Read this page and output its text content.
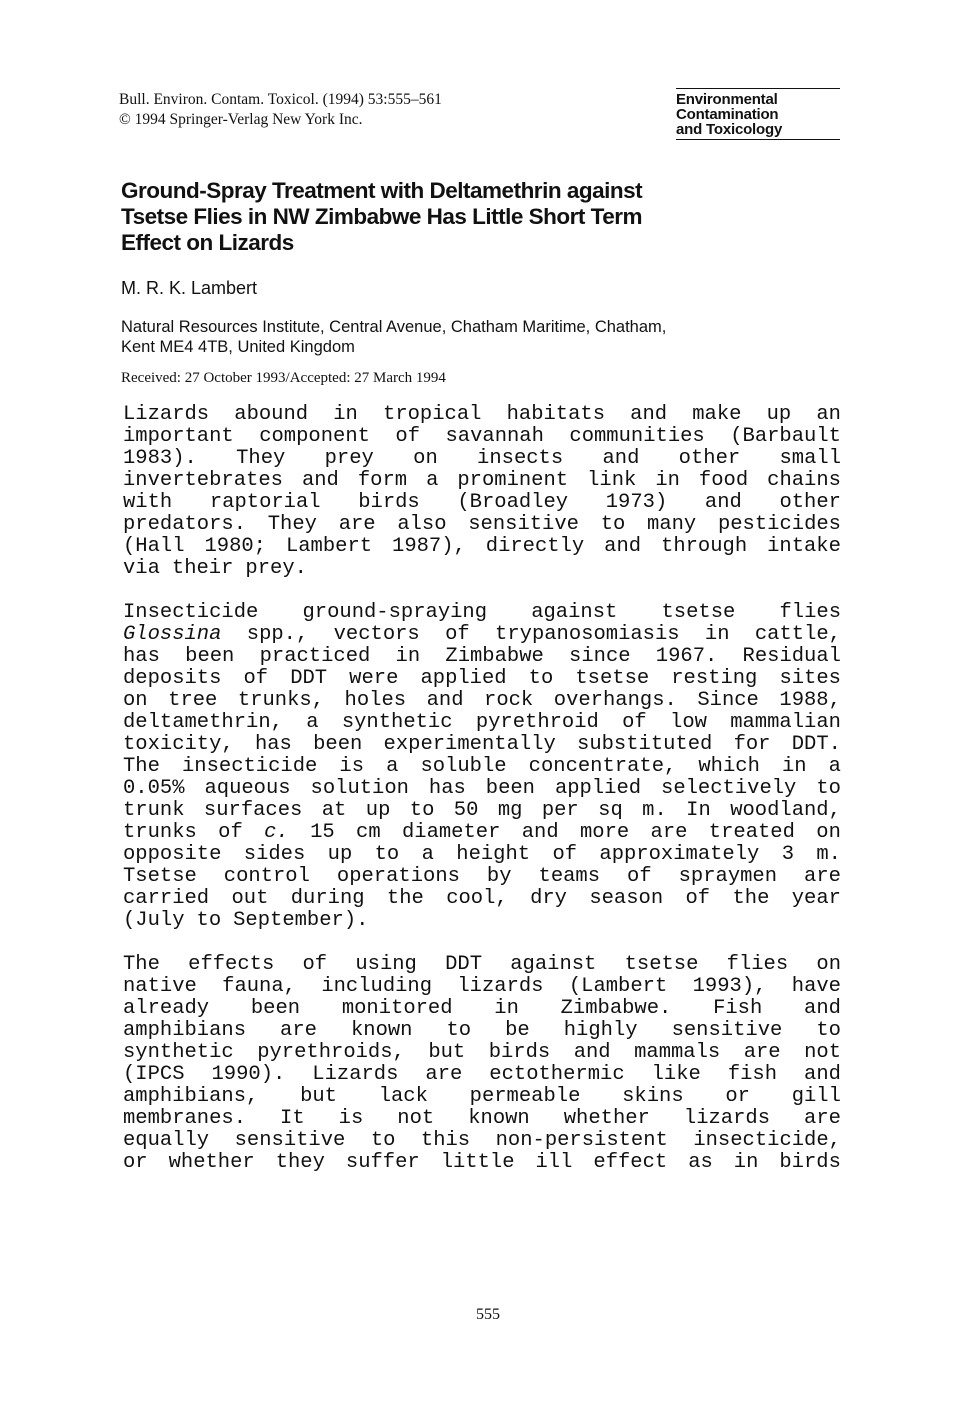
Bull. Environ. Contam. Toxicol. (1994) 53:555–561
© 1994 Springer-Verlag New York Inc.
Environmental
Contamination
and Toxicology
Ground-Spray Treatment with Deltamethrin against
Tsetse Flies in NW Zimbabwe Has Little Short Term
Effect on Lizards
M. R. K. Lambert
Natural Resources Institute, Central Avenue, Chatham Maritime, Chatham,
Kent ME4 4TB, United Kingdom
Received: 27 October 1993/Accepted: 27 March 1994
Lizards abound in tropical habitats and make up an
important component of savannah communities (Barbault
1983). They prey on insects and other small
invertebrates and form a prominent link in food chains
with raptorial birds (Broadley 1973) and other
predators. They are also sensitive to many pesticides
(Hall 1980; Lambert 1987), directly and through intake
via their prey.
Insecticide ground-spraying against tsetse flies
Glossina spp., vectors of trypanosomiasis in cattle,
has been practiced in Zimbabwe since 1967. Residual
deposits of DDT were applied to tsetse resting sites
on tree trunks, holes and rock overhangs. Since 1988,
deltamethrin, a synthetic pyrethroid of low mammalian
toxicity, has been experimentally substituted for DDT.
The insecticide is a soluble concentrate, which in a
0.05% aqueous solution has been applied selectively to
trunk surfaces at up to 50 mg per sq m. In woodland,
trunks of c. 15 cm diameter and more are treated on
opposite sides up to a height of approximately 3 m.
Tsetse control operations by teams of spraymen are
carried out during the cool, dry season of the year
(July to September).
The effects of using DDT against tsetse flies on
native fauna, including lizards (Lambert 1993), have
already been monitored in Zimbabwe. Fish and
amphibians are known to be highly sensitive to
synthetic pyrethroids, but birds and mammals are not
(IPCS 1990). Lizards are ectothermic like fish and
amphibians, but lack permeable skins or gill
membranes. It is not known whether lizards are
equally sensitive to this non-persistent insecticide,
or whether they suffer little ill effect as in birds
555
